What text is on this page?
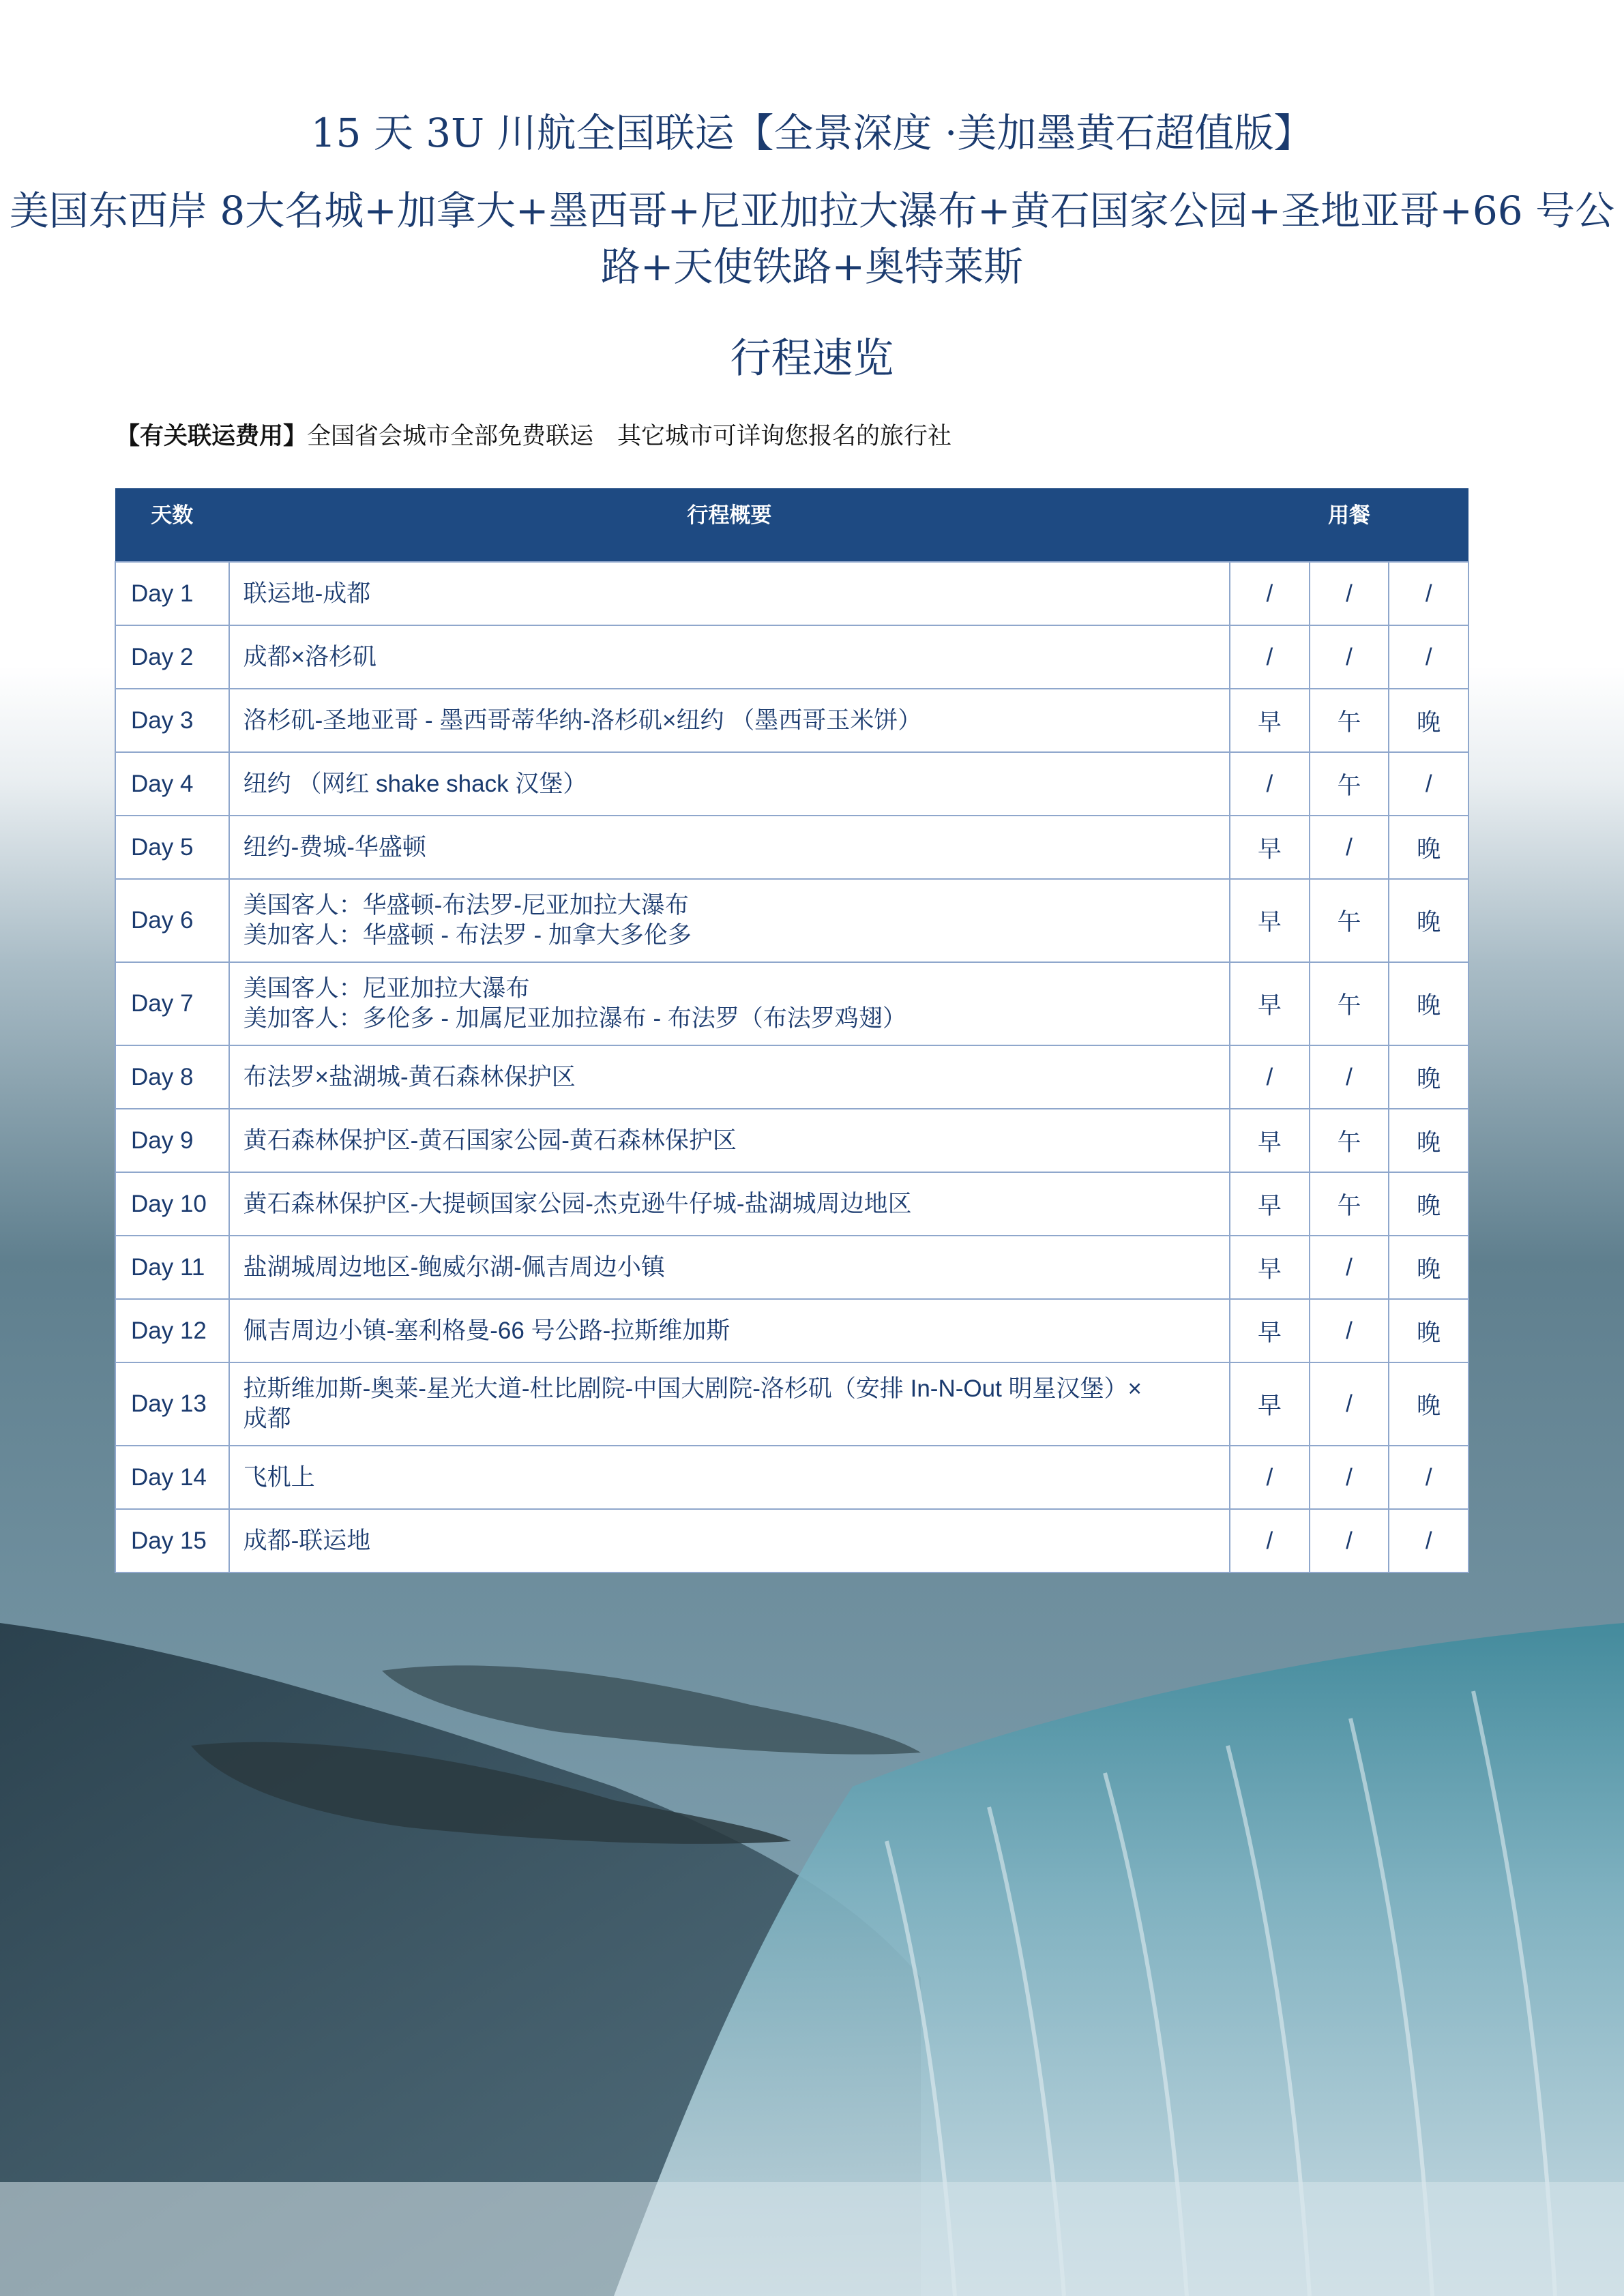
15 天 3U 川航全国联运【全景深度 ·美加墨黄石超值版】
美国东西岸 8大名城+加拿大+墨西哥+尼亚加拉大瀑布+黄石国家公园+圣地亚哥+66 号公路+天使铁路+奥特莱斯
行程速览
【有关联运费用】全国省会城市全部免费联运　其它城市可详询您报名的旅行社
天数	行程概要	用餐		
Day 1	联运地-成都	/	/	/
Day 2	成都×洛杉矶	/	/	/
Day 3	洛杉矶-圣地亚哥 - 墨西哥蒂华纳-洛杉矶×纽约 （墨西哥玉米饼）	早	午	晚
Day 4	纽约 （网红 shake shack 汉堡）	/	午	/
Day 5	纽约-费城-华盛顿	早	/	晚
Day 6	美国客人：华盛顿-布法罗-尼亚加拉大瀑布
美加客人：华盛顿 - 布法罗 - 加拿大多伦多	早	午	晚
Day 7	美国客人：尼亚加拉大瀑布
美加客人：多伦多 - 加属尼亚加拉瀑布 - 布法罗（布法罗鸡翅）	早	午	晚
Day 8	布法罗×盐湖城-黄石森林保护区	/	/	晚
Day 9	黄石森林保护区-黄石国家公园-黄石森林保护区	早	午	晚
Day 10	黄石森林保护区-大提顿国家公园-杰克逊牛仔城-盐湖城周边地区	早	午	晚
Day 11	盐湖城周边地区-鲍威尔湖-佩吉周边小镇	早	/	晚
Day 12	佩吉周边小镇-塞利格曼-66 号公路-拉斯维加斯	早	/	晚
Day 13	拉斯维加斯-奥莱-星光大道-杜比剧院-中国大剧院-洛杉矶（安排 In-N-Out 明星汉堡）×
成都	早	/	晚
Day 14	飞机上	/	/	/
Day 15	成都-联运地	/	/	/
